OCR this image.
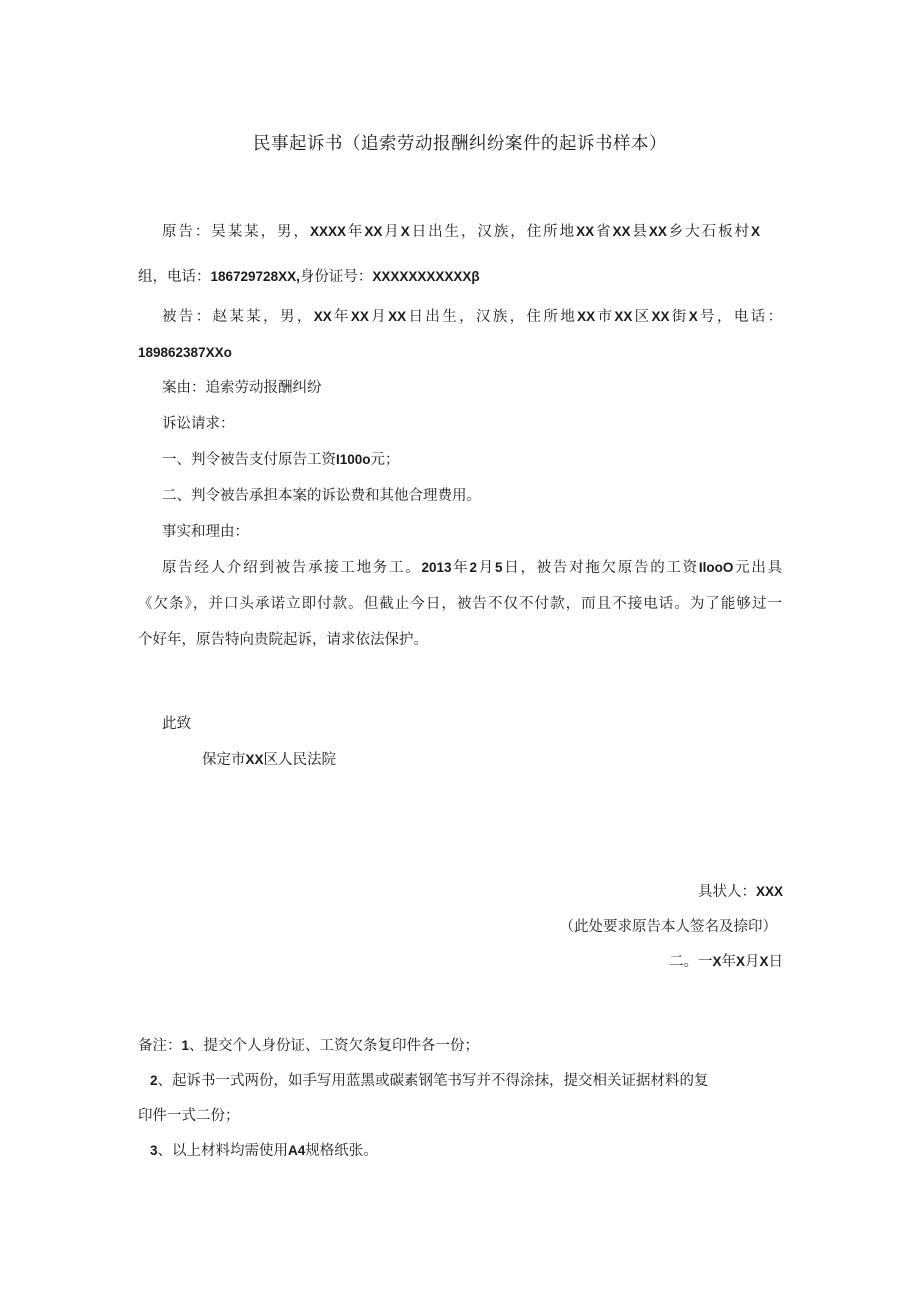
民事起诉书（追索劳动报酬纠纷案件的起诉书样本）
原告：吴某某，男，XXXX年XX月X日出生，汉族，住所地XX省XX县XX乡大石板村X
组，电话：186729728XX,身份证号：XXXXXXXXXXXβ
被告：赵某某，男，XX年XX月XX日出生，汉族，住所地XX市XX区XX街X号，电话：
189862387XXo
案由：追索劳动报酬纠纷
诉讼请求：
一、判令被告支付原告工资I100o元；
二、判令被告承担本案的诉讼费和其他合理费用。
事实和理由：
原告经人介绍到被告承接工地务工。2013年2月5日，被告对拖欠原告的工资IlooO元出具
《欠条》，并口头承诺立即付款。但截止今日，被告不仅不付款，而且不接电话。为了能够过一
个好年，原告特向贵院起诉，请求依法保护。
此致
保定市XX区人民法院
具状人：XXX
（此处要求原告本人签名及捺印）
二。一X年X月X日
备注：1、提交个人身份证、工资欠条复印件各一份；
2、起诉书一式两份，如手写用蓝黑或碳素钢笔书写并不得涂抹，提交相关证据材料的复
印件一式二份；
3、以上材料均需使用A4规格纸张。
